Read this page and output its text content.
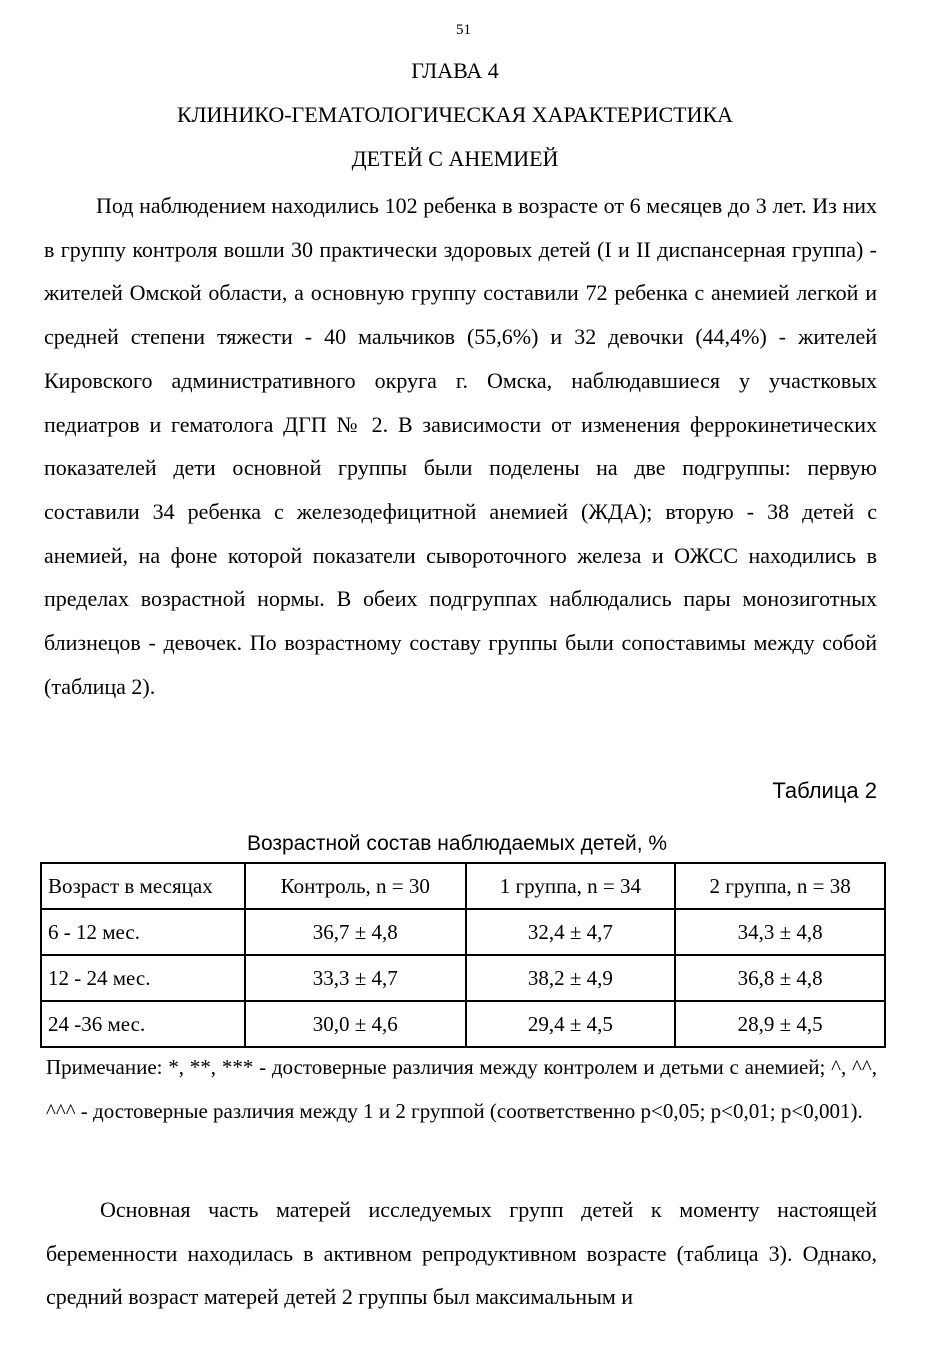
51
ГЛАВА 4
КЛИНИКО-ГЕМАТОЛОГИЧЕСКАЯ ХАРАКТЕРИСТИКА
ДЕТЕЙ С АНЕМИЕЙ

Под наблюдением находились 102 ребенка в возрасте от 6 месяцев до 3 лет. Из них в группу контроля вошли 30 практически здоровых детей (I и II диспансерная группа) - жителей Омской области, а основную группу составили 72 ребенка с анемией легкой и средней степени тяжести - 40 мальчиков (55,6%) и 32 девочки (44,4%) - жителей Кировского административного округа г. Омска, наблюдавшиеся у участковых педиатров и гематолога ДГП № 2. В зависимости от изменения феррокинетических показателей дети основной группы были поделены на две подгруппы: первую составили 34 ребенка с железодефицитной анемией (ЖДА); вторую - 38 детей с анемией, на фоне которой показатели сывороточного железа и ОЖСС находились в пределах возрастной нормы. В обеих подгруппах наблюдались пары монозиготных близнецов - девочек. По возрастному составу группы были сопоставимы между собой (таблица 2).

Таблица 2
Возрастной состав наблюдаемых детей, %
Возраст в месяцах	Контроль, n = 30	1 группа, n = 34	2 группа, n = 38
6 - 12 мес.	36,7 ± 4,8	32,4 ± 4,7	34,3 ± 4,8
12 - 24 мес.	33,3 ± 4,7	38,2 ± 4,9	36,8 ± 4,8
24 -36 мес.	30,0 ± 4,6	29,4 ± 4,5	28,9 ± 4,5

Примечание: *, **, *** - достоверные различия между контролем и детьми с анемией; ^, ^^, ^^^ - достоверные различия между 1 и 2 группой (соответственно p<0,05; p<0,01; p<0,001).

Основная часть матерей исследуемых групп детей к моменту настоящей беременности находилась в активном репродуктивном возрасте (таблица 3). Однако, средний возраст матерей детей 2 группы был максимальным и
